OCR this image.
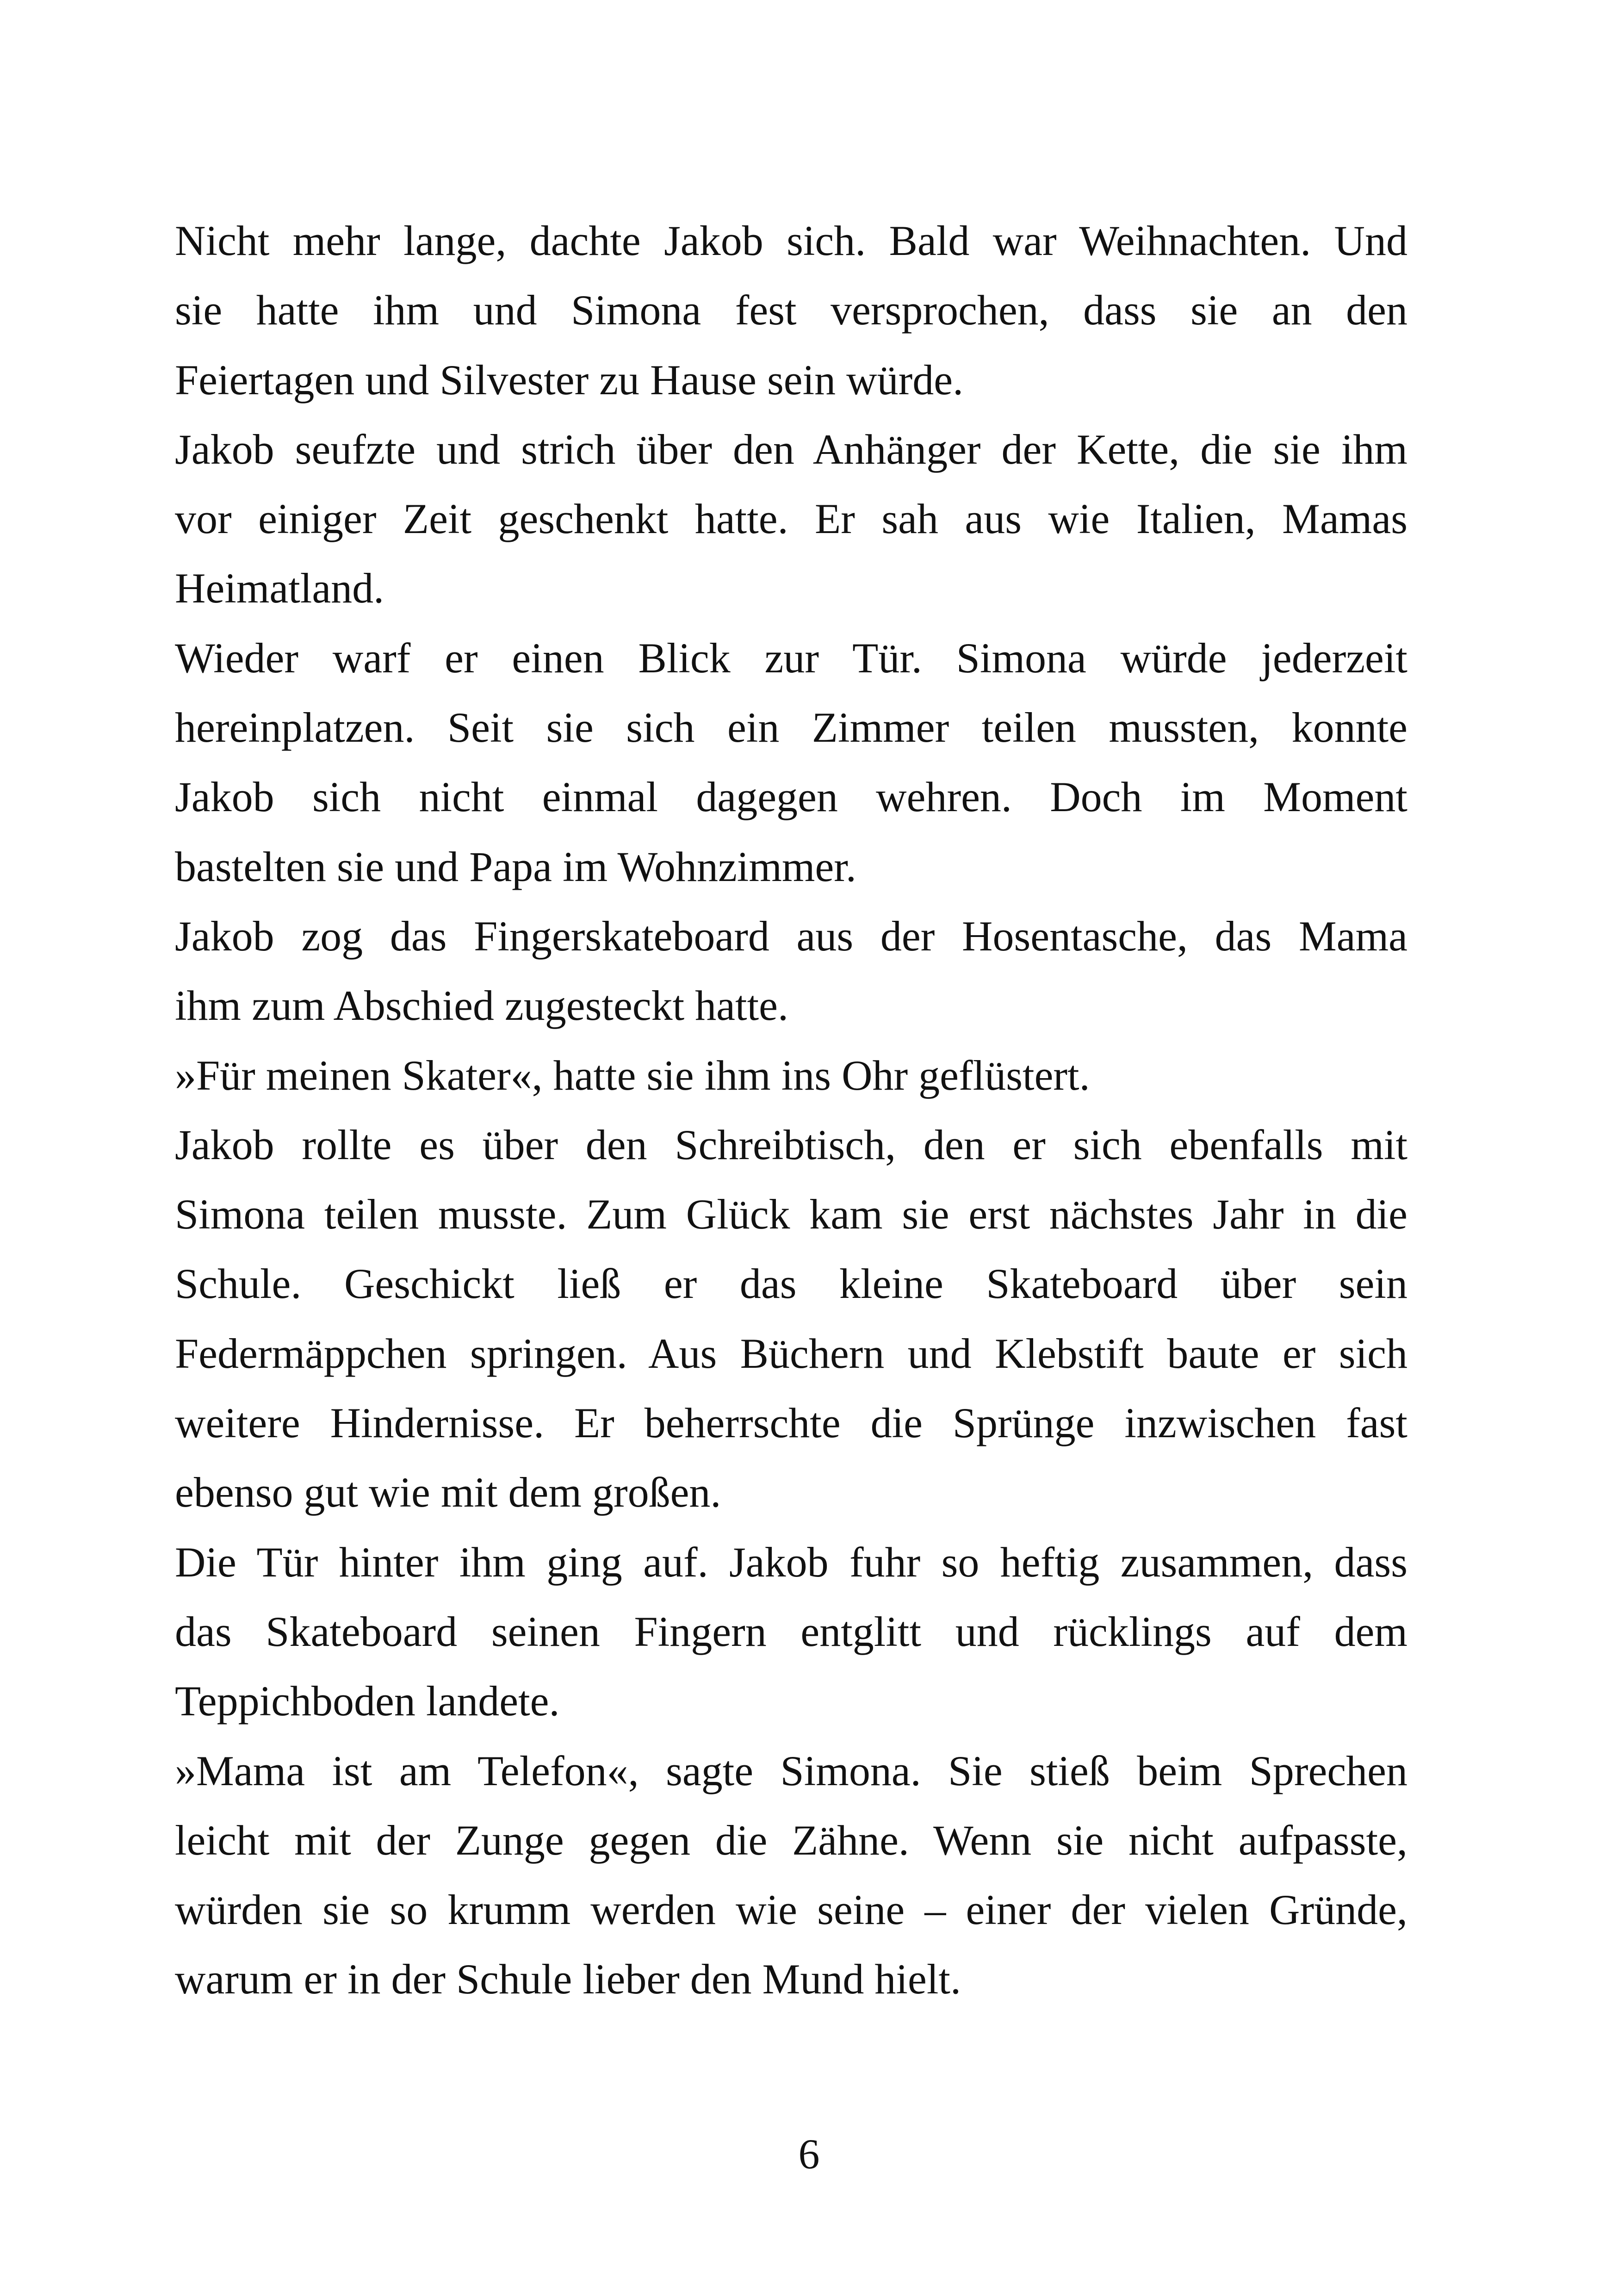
Nicht mehr lange, dachte Jakob sich. Bald war Weihnachten. Und
sie hatte ihm und Simona fest versprochen, dass sie an den
Feiertagen und Silvester zu Hause sein würde.
Jakob seufzte und strich über den Anhänger der Kette, die sie ihm
vor einiger Zeit geschenkt hatte. Er sah aus wie Italien, Mamas
Heimatland.
Wieder warf er einen Blick zur Tür. Simona würde jederzeit
hereinplatzen. Seit sie sich ein Zimmer teilen mussten, konnte
Jakob sich nicht einmal dagegen wehren. Doch im Moment
bastelten sie und Papa im Wohnzimmer.
Jakob zog das Fingerskateboard aus der Hosentasche, das Mama
ihm zum Abschied zugesteckt hatte.
»Für meinen Skater«, hatte sie ihm ins Ohr geflüstert.
Jakob rollte es über den Schreibtisch, den er sich ebenfalls mit
Simona teilen musste. Zum Glück kam sie erst nächstes Jahr in die
Schule. Geschickt ließ er das kleine Skateboard über sein
Federmäppchen springen. Aus Büchern und Klebstift baute er sich
weitere Hindernisse. Er beherrschte die Sprünge inzwischen fast
ebenso gut wie mit dem großen.
Die Tür hinter ihm ging auf. Jakob fuhr so heftig zusammen, dass
das Skateboard seinen Fingern entglitt und rücklings auf dem
Teppichboden landete.
»Mama ist am Telefon«, sagte Simona. Sie stieß beim Sprechen
leicht mit der Zunge gegen die Zähne. Wenn sie nicht aufpasste,
würden sie so krumm werden wie seine – einer der vielen Gründe,
warum er in der Schule lieber den Mund hielt.
6
